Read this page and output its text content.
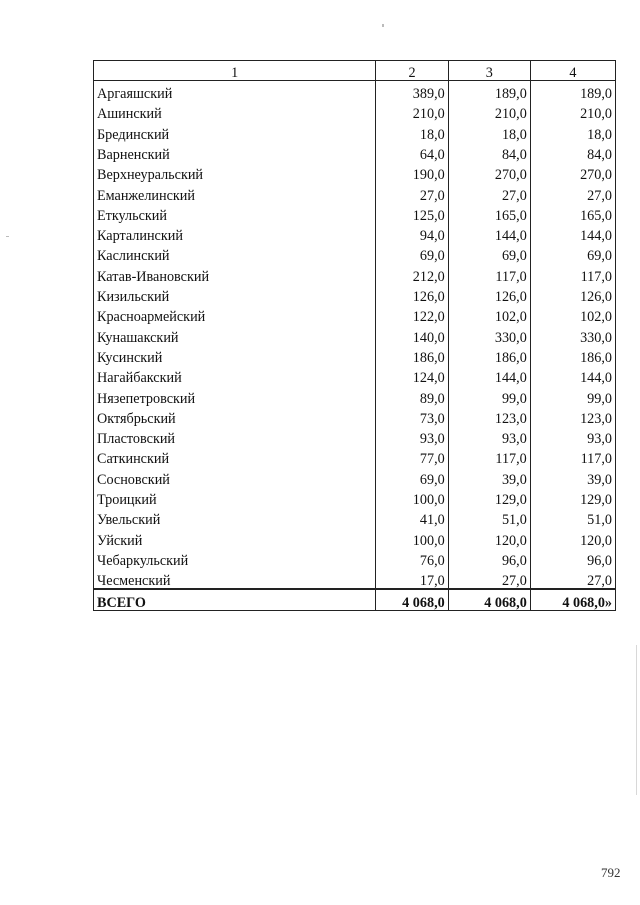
1	2	3	4
Аргаяшский	389,0	189,0	189,0
Ашинский	210,0	210,0	210,0
Брединский	18,0	18,0	18,0
Варненский	64,0	84,0	84,0
Верхнеуральский	190,0	270,0	270,0
Еманжелинский	27,0	27,0	27,0
Еткульский	125,0	165,0	165,0
Карталинский	94,0	144,0	144,0
Каслинский	69,0	69,0	69,0
Катав-Ивановский	212,0	117,0	117,0
Кизильский	126,0	126,0	126,0
Красноармейский	122,0	102,0	102,0
Кунашакский	140,0	330,0	330,0
Кусинский	186,0	186,0	186,0
Нагайбакский	124,0	144,0	144,0
Нязепетровский	89,0	99,0	99,0
Октябрьский	73,0	123,0	123,0
Пластовский	93,0	93,0	93,0
Саткинский	77,0	117,0	117,0
Сосновский	69,0	39,0	39,0
Троицкий	100,0	129,0	129,0
Увельский	41,0	51,0	51,0
Уйский	100,0	120,0	120,0
Чебаркульский	76,0	96,0	96,0
Чесменский	17,0	27,0	27,0
ВСЕГО	4 068,0	4 068,0	4 068,0»
792
